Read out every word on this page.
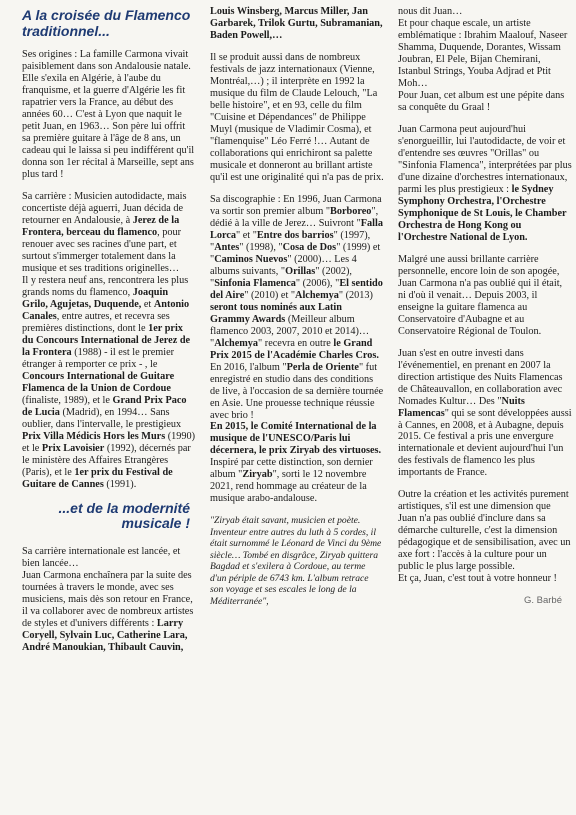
A la croisée du Flamenco traditionnel...

Ses origines : La famille Carmona vivait paisiblement dans son Andalousie natale. Elle s'exila en Algérie, à l'aube du franquisme, et la guerre d'Algérie les fit rapatrier vers la France, au début des années 60… C'est à Lyon que naquit le petit Juan, en 1963… Son père lui offrit sa première guitare à l'âge de 8 ans, un cadeau qui le laissa si peu indifférent qu'il donna son 1er récital à Marseille, sept ans plus tard !

Sa carrière : Musicien autodidacte, mais concertiste déjà aguerri, Juan décida de retourner en Andalousie, à Jerez de la Frontera, berceau du flamenco, pour renouer avec ses racines d'une part, et surtout s'immerger totalement dans la musique et ses traditions originelles…

Il y restera neuf ans, rencontrera les plus grands noms du flamenco, Joaquin Grilo, Agujetas, Duquende, et Antonio Canales, entre autres, et recevra ses premières distinctions, dont le 1er prix du Concours International de Jerez de la Frontera (1988) - il est le premier étranger à remporter ce prix - , le Concours International de Guitare Flamenca de la Union de Cordoue (finaliste, 1989), et le Grand Prix Paco de Lucia (Madrid), en 1994… Sans oublier, dans l'intervalle, le prestigieux Prix Villa Médicis Hors les Murs (1990) et le Prix Lavoisier (1992), décernés par le ministère des Affaires Etrangères (Paris), et le 1er prix du Festival de Guitare de Cannes (1991).

...et de la modernité musicale !

Sa carrière internationale est lancée, et bien lancée…

Juan Carmona enchaînera par la suite des tournées à travers le monde, avec ses musiciens, mais dès son retour en France, il va collaborer avec de nombreux artistes de styles et d'univers différents : Larry Coryell, Sylvain Luc, Catherine Lara, André Manoukian, Thibault Cauvin,

Louis Winsberg, Marcus Miller, Jan Garbarek, Trilok Gurtu, Subramanian, Baden Powell,…

Il se produit aussi dans de nombreux festivals de jazz internationaux (Vienne, Montréal,…) ; il interprète en 1992 la musique du film de Claude Lelouch, "La belle histoire", et en 93, celle du film "Cuisine et Dépendances" de Philippe Muyl (musique de Vladimir Cosma), et "flamenquise" Léo Ferré !… Autant de collaborations qui enrichiront sa palette musicale et donneront au brillant artiste qu'il est une originalité qui n'a pas de prix.

Sa discographie : En 1996, Juan Carmona va sortir son premier album "Borboreo", dédié à la ville de Jerez… Suivront "Falla Lorca" et "Entre dos barrios" (1997), "Antes" (1998), "Cosa de Dos" (1999) et "Caminos Nuevos" (2000)… Les 4 albums suivants, "Orillas" (2002), "Sinfonia Flamenca" (2006), "El sentido del Aire" (2010) et "Alchemya" (2013) seront tous nominés aux Latin Grammy Awards (Meilleur album flamenco 2003, 2007, 2010 et 2014)… "Alchemya" recevra en outre le Grand Prix 2015 de l'Académie Charles Cros.

En 2016, l'album "Perla de Oriente" fut enregistré en studio dans des conditions de live, à l'occasion de sa dernière tournée en Asie. Une prouesse technique réussie avec brio !

En 2015, le Comité International de la musique de l'UNESCO/Paris lui décernera, le prix Ziryab des virtuoses.

Inspiré par cette distinction, son dernier album "Ziryab", sorti le 12 novembre 2021, rend hommage au créateur de la musique arabo-andalouse.

"Ziryab était savant, musicien et poète. Inventeur entre autres du luth à 5 cordes, il était surnommé le Léonard de Vinci du 9ème siècle… Tombé en disgrâce, Ziryab quittera Bagdad et s'exilera à Cordoue, au terme d'un périple de 6743 km. L'album retrace son voyage et ses escales le long de la Méditerranée",

nous dit Juan…

Et pour chaque escale, un artiste emblématique : Ibrahim Maalouf, Naseer Shamma, Duquende, Dorantes, Wissam Joubran, El Pele, Bijan Chemirani, Istanbul Strings, Youba Adjrad et Ptit Moh…

Pour Juan, cet album est une pépite dans sa conquête du Graal !

Juan Carmona peut aujourd'hui s'enorgueillir, lui l'autodidacte, de voir et d'entendre ses œuvres "Orillas" ou "Sinfonia Flamenca", interprétées par plus d'une dizaine d'orchestres internationaux, parmi les plus prestigieux : le Sydney Symphony Orchestra, l'Orchestre Symphonique de St Louis, le Chamber Orchestra de Hong Kong ou l'Orchestre National de Lyon.

Malgré une aussi brillante carrière personnelle, encore loin de son apogée, Juan Carmona n'a pas oublié qui il était, ni d'où il venait… Depuis 2003, il enseigne la guitare flamenca au Conservatoire d'Aubagne et au Conservatoire Régional de Toulon.

Juan s'est en outre investi dans l'événementiel, en prenant en 2007 la direction artistique des Nuits Flamencas de Châteauvallon, en collaboration avec Nomades Kultur… Des "Nuits Flamencas" qui se sont développées aussi à Cannes, en 2008, et à Aubagne, depuis 2015. Ce festival a pris une envergure internationale et devient aujourd'hui l'un des festivals de flamenco les plus importants de France.

Outre la création et les activités purement artistiques, s'il est une dimension que Juan n'a pas oublié d'inclure dans sa démarche culturelle, c'est la dimension pédagogique et de sensibilisation, avec un axe fort : l'accès à la culture pour un public le plus large possible.

Et ça, Juan, c'est tout à votre honneur !

G. Barbé
